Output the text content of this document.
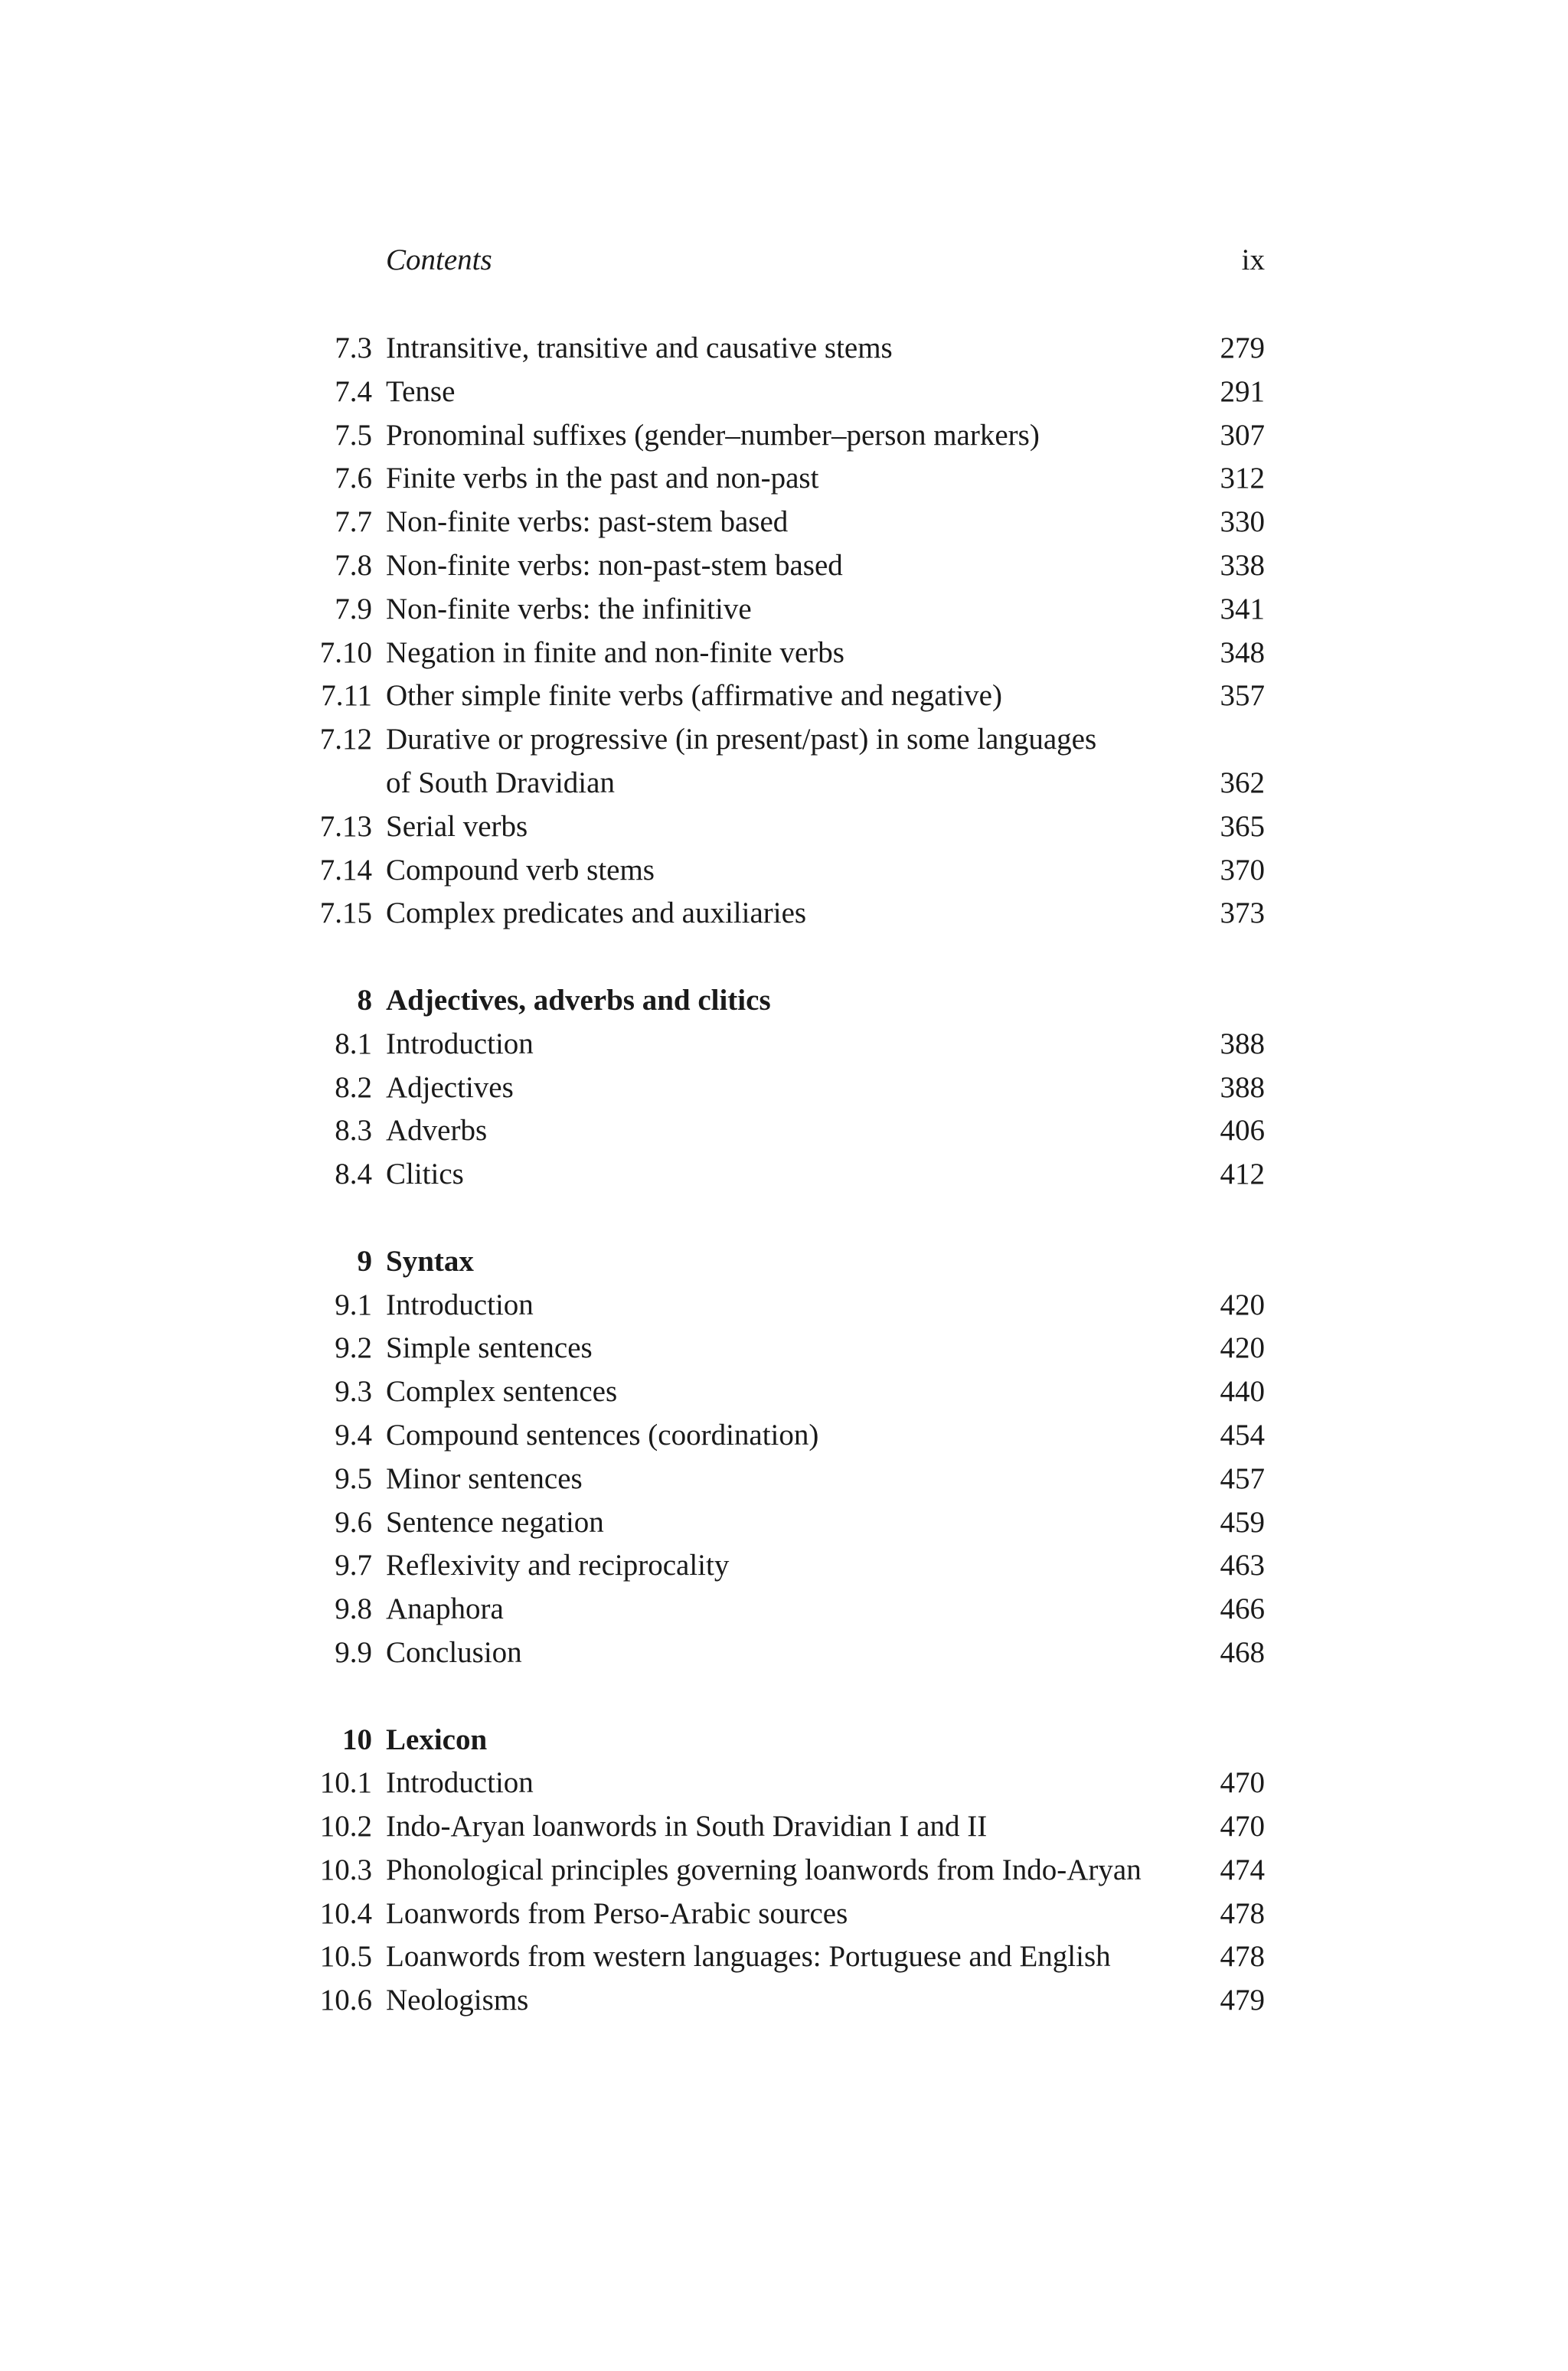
Contents	ix
7.3 Intransitive, transitive and causative stems	279
7.4 Tense	291
7.5 Pronominal suffixes (gender–number–person markers)	307
7.6 Finite verbs in the past and non-past	312
7.7 Non-finite verbs: past-stem based	330
7.8 Non-finite verbs: non-past-stem based	338
7.9 Non-finite verbs: the infinitive	341
7.10 Negation in finite and non-finite verbs	348
7.11 Other simple finite verbs (affirmative and negative)	357
7.12 Durative or progressive (in present/past) in some languages
of South Dravidian	362
7.13 Serial verbs	365
7.14 Compound verb stems	370
7.15 Complex predicates and auxiliaries	373
8 Adjectives, adverbs and clitics
8.1 Introduction	388
8.2 Adjectives	388
8.3 Adverbs	406
8.4 Clitics	412
9 Syntax
9.1 Introduction	420
9.2 Simple sentences	420
9.3 Complex sentences	440
9.4 Compound sentences (coordination)	454
9.5 Minor sentences	457
9.6 Sentence negation	459
9.7 Reflexivity and reciprocality	463
9.8 Anaphora	466
9.9 Conclusion	468
10 Lexicon
10.1 Introduction	470
10.2 Indo-Aryan loanwords in South Dravidian I and II	470
10.3 Phonological principles governing loanwords from Indo-Aryan	474
10.4 Loanwords from Perso-Arabic sources	478
10.5 Loanwords from western languages: Portuguese and English	478
10.6 Neologisms	479
